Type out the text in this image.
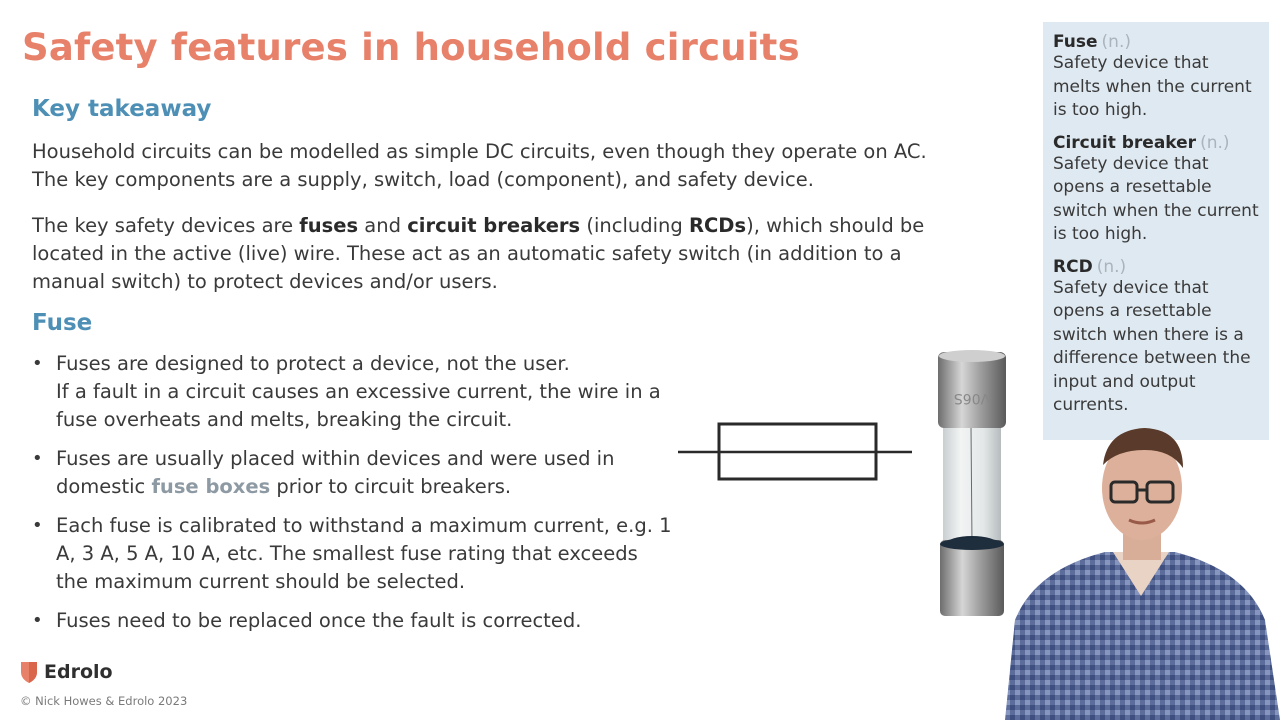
Safety features in household circuits
Key takeaway
Household circuits can be modelled as simple DC circuits, even though they operate on AC. The key components are a supply, switch, load (component), and safety device.
The key safety devices are fuses and circuit breakers (including RCDs), which should be located in the active (live) wire. These act as an automatic safety switch (in addition to a manual switch) to protect devices and/or users.
Fuse
• Fuses are designed to protect a device, not the user.
If a fault in a circuit causes an excessive current, the wire in a fuse overheats and melts, breaking the circuit.
• Fuses are usually placed within devices and were used in domestic fuse boxes prior to circuit breakers.
• Each fuse is calibrated to withstand a maximum current, e.g. 1 A, 3 A, 5 A, 10 A, etc. The smallest fuse rating that exceeds the maximum current should be selected.
• Fuses need to be replaced once the fault is corrected.
V06S
Fuse (n.)
Safety device that melts when the current is too high.
Circuit breaker (n.)
Safety device that opens a resettable switch when the current is too high.
RCD (n.)
Safety device that opens a resettable switch when there is a difference between the input and output currents.
Edrolo
© Nick Howes & Edrolo 2023
